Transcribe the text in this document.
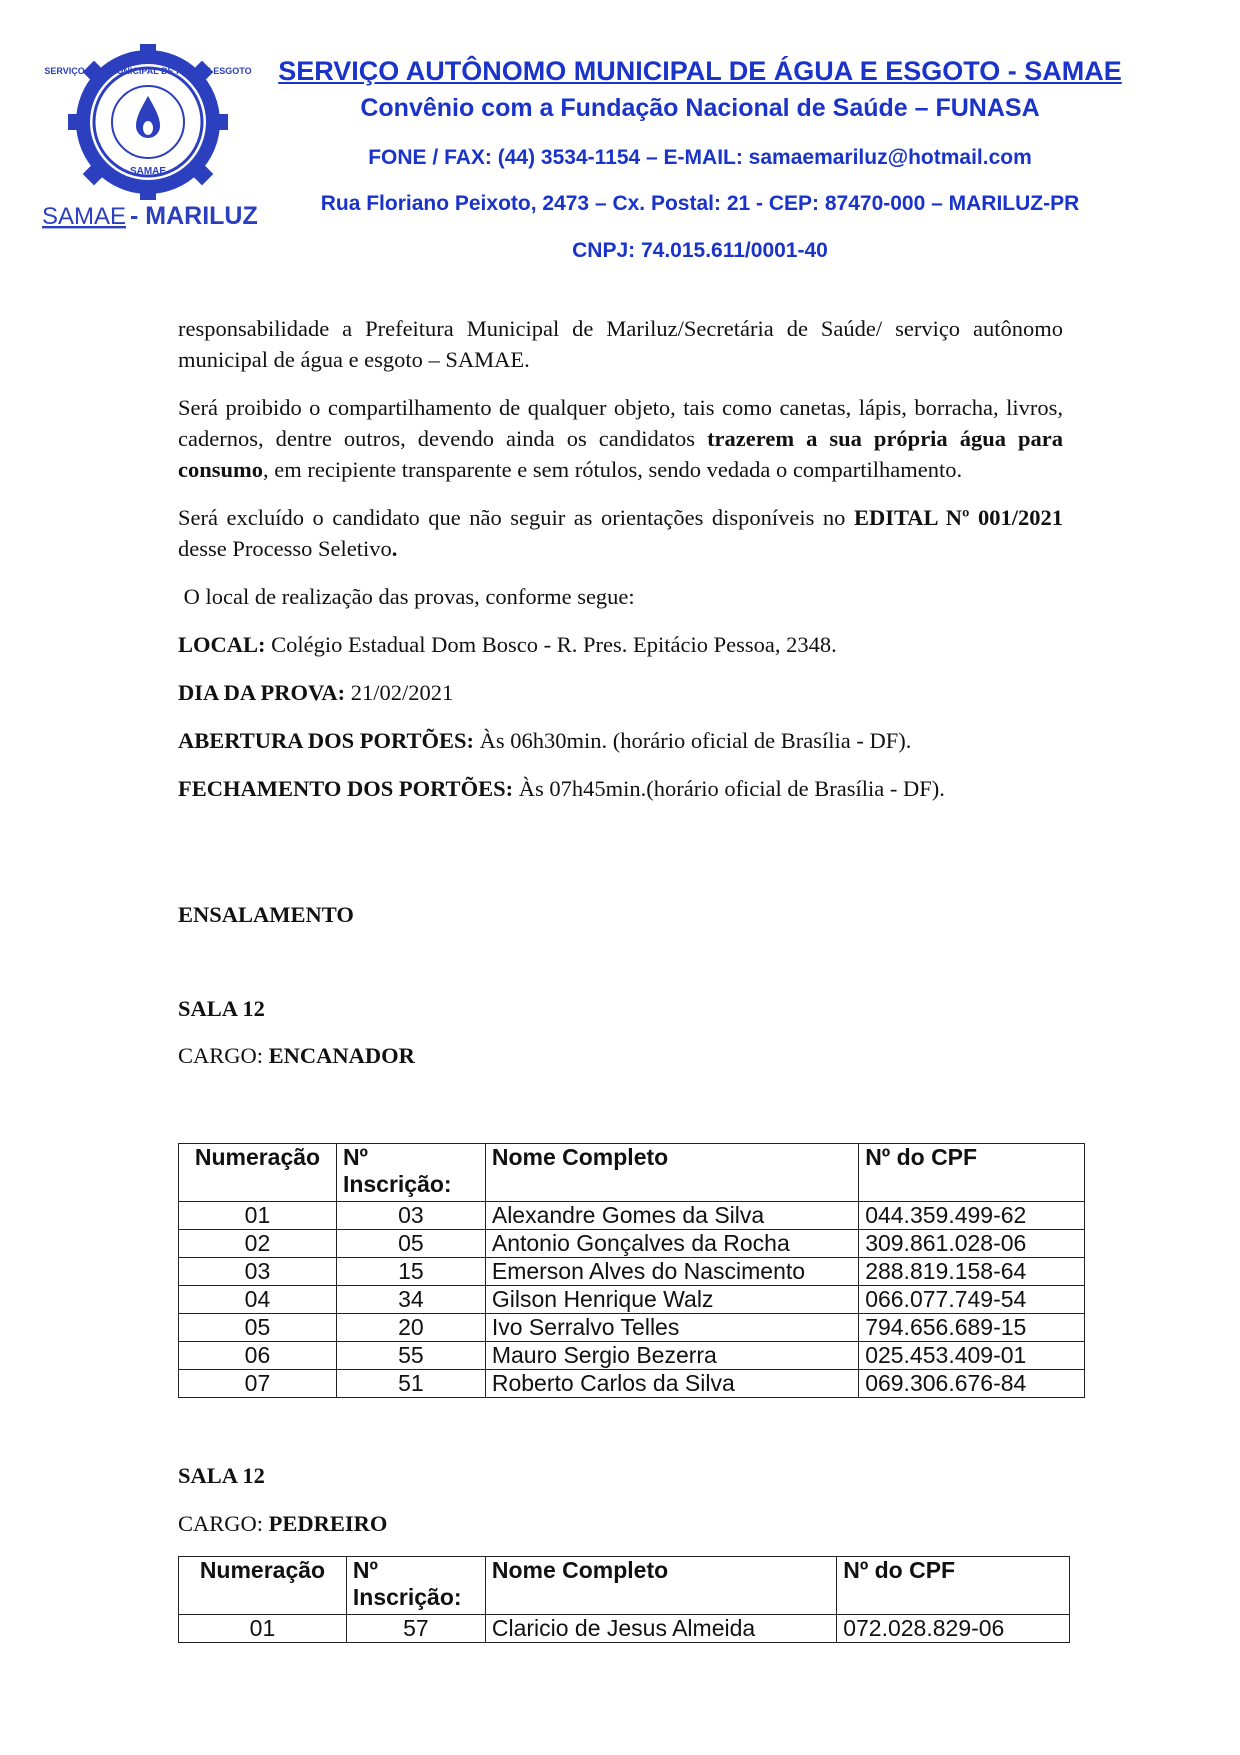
SERVIÇO AUT. MUNICIPAL DE ÁGUA E ESGOTO
SAMAE
SAMAE - MARILUZ
SERVIÇO AUTÔNOMO MUNICIPAL DE ÁGUA E ESGOTO - SAMAE
Convênio com a Fundação Nacional de Saúde – FUNASA
FONE / FAX: (44) 3534-1154 – E-MAIL: samaemariluz@hotmail.com
Rua Floriano Peixoto, 2473 – Cx. Postal: 21 - CEP: 87470-000 – MARILUZ-PR
CNPJ: 74.015.611/0001-40

responsabilidade a Prefeitura Municipal de Mariluz/Secretária de Saúde/ serviço autônomo municipal de água e esgoto – SAMAE.

Será proibido o compartilhamento de qualquer objeto, tais como canetas, lápis, borracha, livros, cadernos, dentre outros, devendo ainda os candidatos trazerem a sua própria água para consumo, em recipiente transparente e sem rótulos, sendo vedada o compartilhamento.

Será excluído o candidato que não seguir as orientações disponíveis no EDITAL Nº 001/2021 desse Processo Seletivo.

O local de realização das provas, conforme segue:

LOCAL: Colégio Estadual Dom Bosco - R. Pres. Epitácio Pessoa, 2348.

DIA DA PROVA: 21/02/2021

ABERTURA DOS PORTÕES: Às 06h30min. (horário oficial de Brasília - DF).

FECHAMENTO DOS PORTÕES: Às 07h45min.(horário oficial de Brasília - DF).

ENSALAMENTO
SALA 12
CARGO: ENCANADOR
Numeração	Nº Inscrição:	Nome Completo	Nº do CPF
01	03	Alexandre Gomes da Silva	044.359.499-62
02	05	Antonio Gonçalves da Rocha	309.861.028-06
03	15	Emerson Alves do Nascimento	288.819.158-64
04	34	Gilson Henrique Walz	066.077.749-54
05	20	Ivo Serralvo Telles	794.656.689-15
06	55	Mauro Sergio Bezerra	025.453.409-01
07	51	Roberto Carlos da Silva	069.306.676-84
SALA 12
CARGO: PEDREIRO
Numeração	Nº Inscrição:	Nome Completo	Nº do CPF
01	57	Claricio de Jesus Almeida	072.028.829-06
